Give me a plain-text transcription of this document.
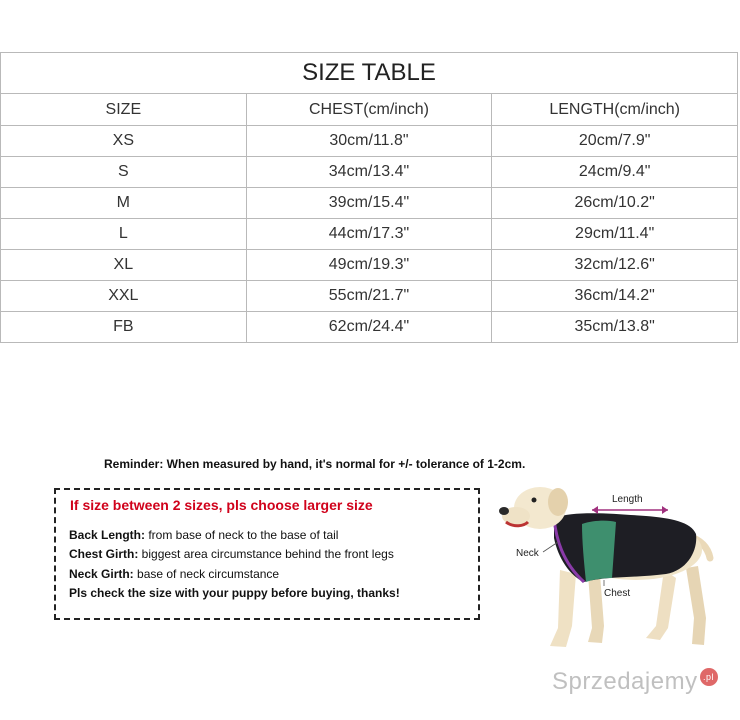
SIZE TABLE		
SIZE	CHEST(cm/inch)	LENGTH(cm/inch)
XS	30cm/11.8"	20cm/7.9"
S	34cm/13.4"	24cm/9.4"
M	39cm/15.4"	26cm/10.2"
L	44cm/17.3"	29cm/11.4"
XL	49cm/19.3"	32cm/12.6"
XXL	55cm/21.7"	36cm/14.2"
FB	62cm/24.4"	35cm/13.8"
Reminder: When measured by hand, it's normal for +/- tolerance of 1-2cm.
If size between 2 sizes, pls choose larger size
Back Length: from base of neck to the base of tail
Chest Girth: biggest area circumstance behind the front legs
Neck Girth: base of neck circumstance
Pls check the size with your puppy before buying, thanks!
Length
Neck
Chest
Sprzedajemy .pl
